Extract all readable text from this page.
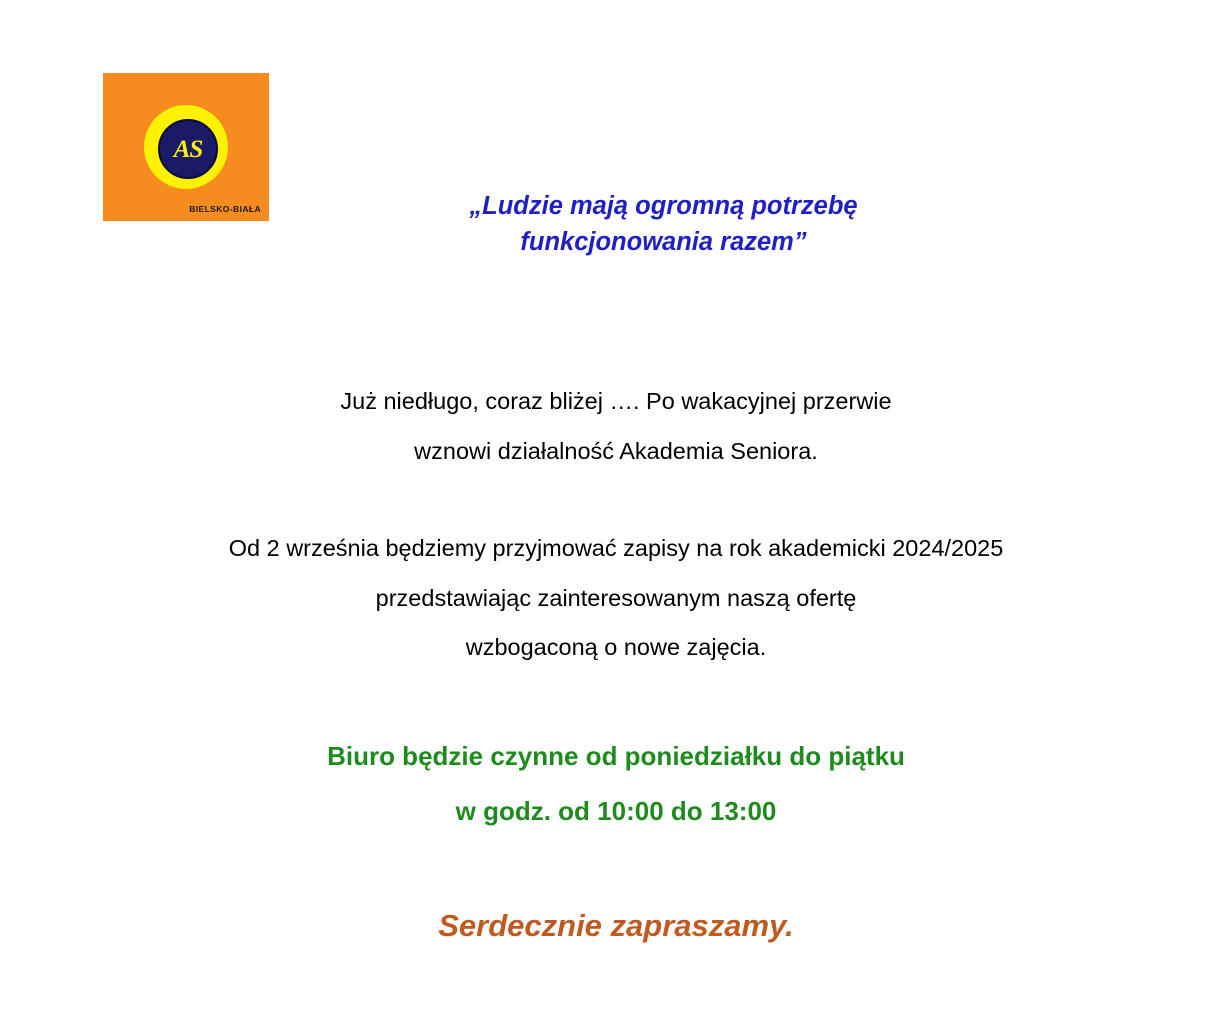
AS
BIELSKO-BIAŁA	„Ludzie mają ogromną potrzebę
funkcjonowania razem”
Już niedługo, coraz bliżej …. Po wakacyjnej przerwie
wznowi działalność Akademia Seniora.
Od 2 września będziemy przyjmować zapisy na rok akademicki 2024/2025
przedstawiając zainteresowanym naszą ofertę
wzbogaconą o nowe zajęcia.
Biuro będzie czynne od poniedziałku do piątku
w godz. od 10:00 do 13:00
Serdecznie zapraszamy.
